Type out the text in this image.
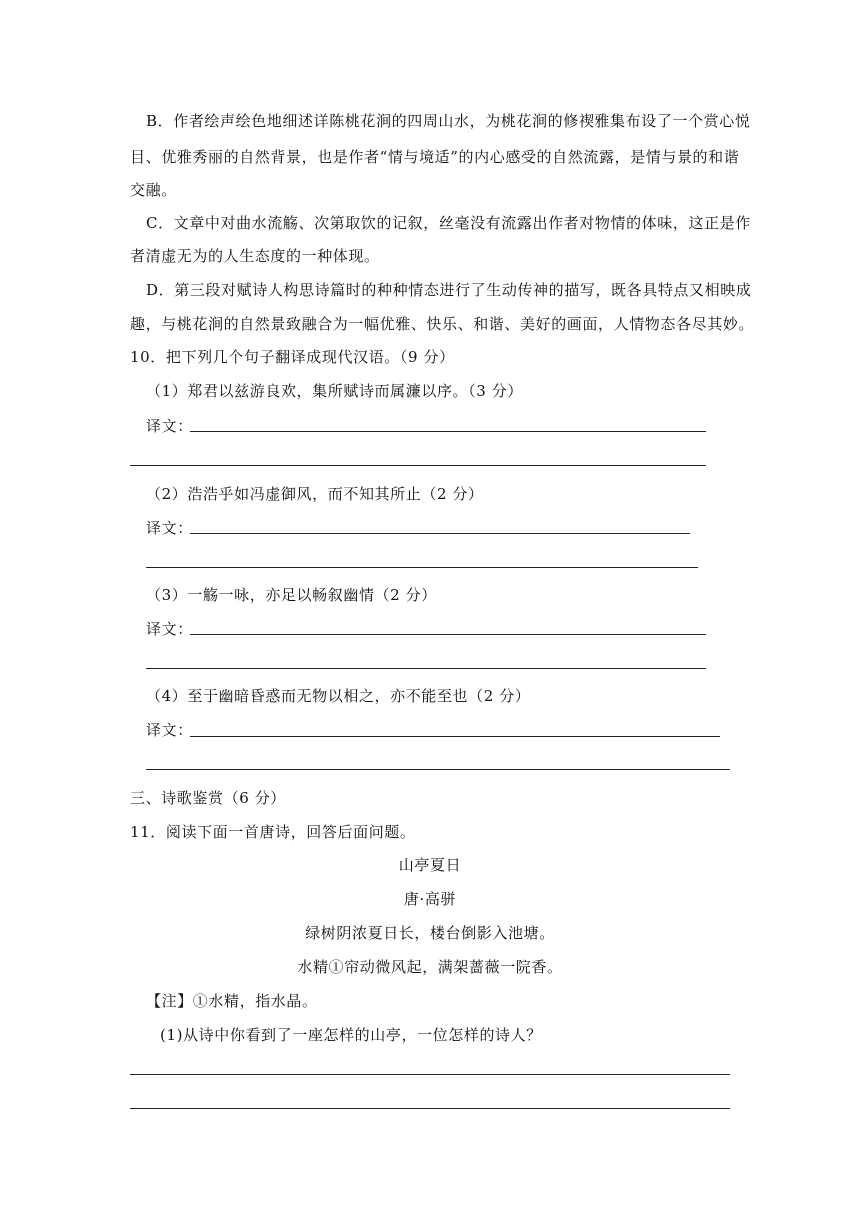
B．作者绘声绘色地细述详陈桃花涧的四周山水，为桃花涧的修禊雅集布设了一个赏心悦
目、优雅秀丽的自然背景，也是作者“情与境适”的内心感受的自然流露，是情与景的和谐
交融。
C．文章中对曲水流觞、次第取饮的记叙，丝毫没有流露出作者对物情的体味，这正是作
者清虚无为的人生态度的一种体现。
D．第三段对赋诗人构思诗篇时的种种情态进行了生动传神的描写，既各具特点又相映成
趣，与桃花涧的自然景致融合为一幅优雅、快乐、和谐、美好的画面，人情物态各尽其妙。
10．把下列几个句子翻译成现代汉语。（9 分）
（1）郑君以兹游良欢，集所赋诗而属濂以序。（3 分）
译文：
（2）浩浩乎如冯虚御风，而不知其所止（2 分）
译文：
（3）一觞一咏，亦足以畅叙幽情（2 分）
译文：
（4）至于幽暗昏惑而无物以相之，亦不能至也（2 分）
译文：
三、诗歌鉴赏（6 分）
11．阅读下面一首唐诗，回答后面问题。
山亭夏日
唐·高骈
绿树阴浓夏日长，楼台倒影入池塘。
水精①帘动微风起，满架蔷薇一院香。
【注】①水精，指水晶。
(1)从诗中你看到了一座怎样的山亭，一位怎样的诗人？
